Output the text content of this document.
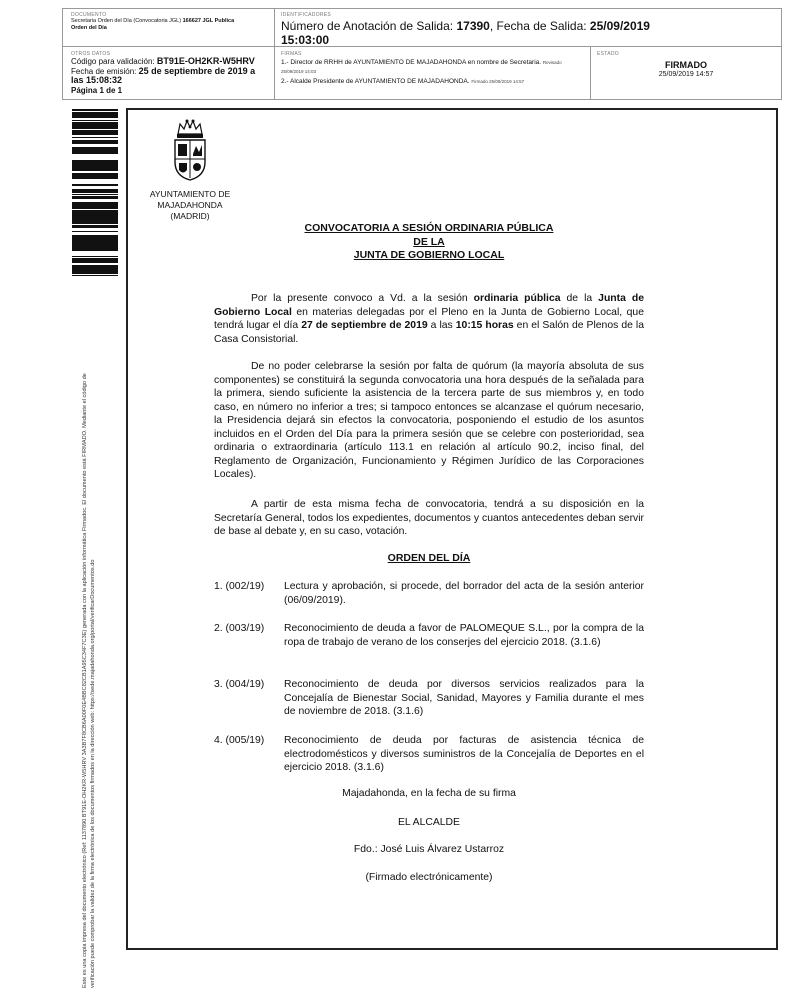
DOCUMENTO
Secretaria Orden del Día (Convocatoria JGL) 166627 JGL Publica
Orden del Día
IDENTIFICADORES
Número de Anotación de Salida: 17390, Fecha de Salida: 25/09/2019
15:03:00
OTROS DATOS
Código para validación: BT91E-OH2KR-W5HRV
Fecha de emisión: 25 de septiembre de 2019 a las 15:08:32
Página 1 de 1
FIRMAS
1.- Director de RRHH de AYUNTAMIENTO DE MAJADAHONDA en nombre de Secretaria. Revisado 25/09/2019 14:03
2.- Alcalde Presidente de AYUNTAMIENTO DE MAJADAHONDA. Firmado 25/09/2019 14:57
ESTADO
FIRMADO
25/09/2019 14:57
Este es una copia impresa del documento electrónico (Ref: 1137890 BT91E-OH2KR-W5HRV 3A3B7F8CB6A00F0E4BBC82CB1A95C34F7C3E) generada con la aplicación informática Firmadoc. El documento está FIRMADO. Mediante el código de verificación puede comprobar la validez de la firma electrónica de los documentos firmados en la dirección web: https://sede.majadahonda.org/portal/verificarDocumentos.do
AYUNTAMIENTO DE
MAJADAHONDA
(MADRID)
CONVOCATORIA A SESIÓN ORDINARIA PÚBLICA
DE LA
JUNTA DE GOBIERNO LOCAL

Por la presente convoco a Vd. a la sesión ordinaria pública de la Junta de Gobierno Local en materias delegadas por el Pleno en la Junta de Gobierno Local, que tendrá lugar el día 27 de septiembre de 2019 a las 10:15 horas en el Salón de Plenos de la Casa Consistorial.

De no poder celebrarse la sesión por falta de quórum (la mayoría absoluta de sus componentes) se constituirá la segunda convocatoria una hora después de la señalada para la primera, siendo suficiente la asistencia de la tercera parte de sus miembros y, en todo caso, en número no inferior a tres; si tampoco entonces se alcanzase el quórum necesario, la Presidencia dejará sin efectos la convocatoria, posponiendo el estudio de los asuntos incluidos en el Orden del Día para la primera sesión que se celebre con posterioridad, sea ordinaria o extraordinaria (artículo 113.1 en relación al artículo 90.2, inciso final, del Reglamento de Organización, Funcionamiento y Régimen Jurídico de las Corporaciones Locales).

A partir de esta misma fecha de convocatoria, tendrá a su disposición en la Secretaría General, todos los expedientes, documentos y cuantos antecedentes deban servir de base al debate y, en su caso, votación.

ORDEN DEL DÍA
1. (002/19)	Lectura y aprobación, si procede, del borrador del acta de la sesión anterior (06/09/2019).
2. (003/19)	Reconocimiento de deuda a favor de PALOMEQUE S.L., por la compra de la ropa de trabajo de verano de los conserjes del ejercicio 2018. (3.1.6)
3. (004/19)	Reconocimiento de deuda por diversos servicios realizados para la Concejalía de Bienestar Social, Sanidad, Mayores y Familia durante el mes de noviembre de 2018. (3.1.6)
4. (005/19)	Reconocimiento de deuda por facturas de asistencia técnica de electrodomésticos y diversos suministros de la Concejalía de Deportes en el ejercicio 2018. (3.1.6)
Majadahonda, en la fecha de su firma
EL ALCALDE
Fdo.: José Luis Álvarez Ustarroz
(Firmado electrónicamente)
